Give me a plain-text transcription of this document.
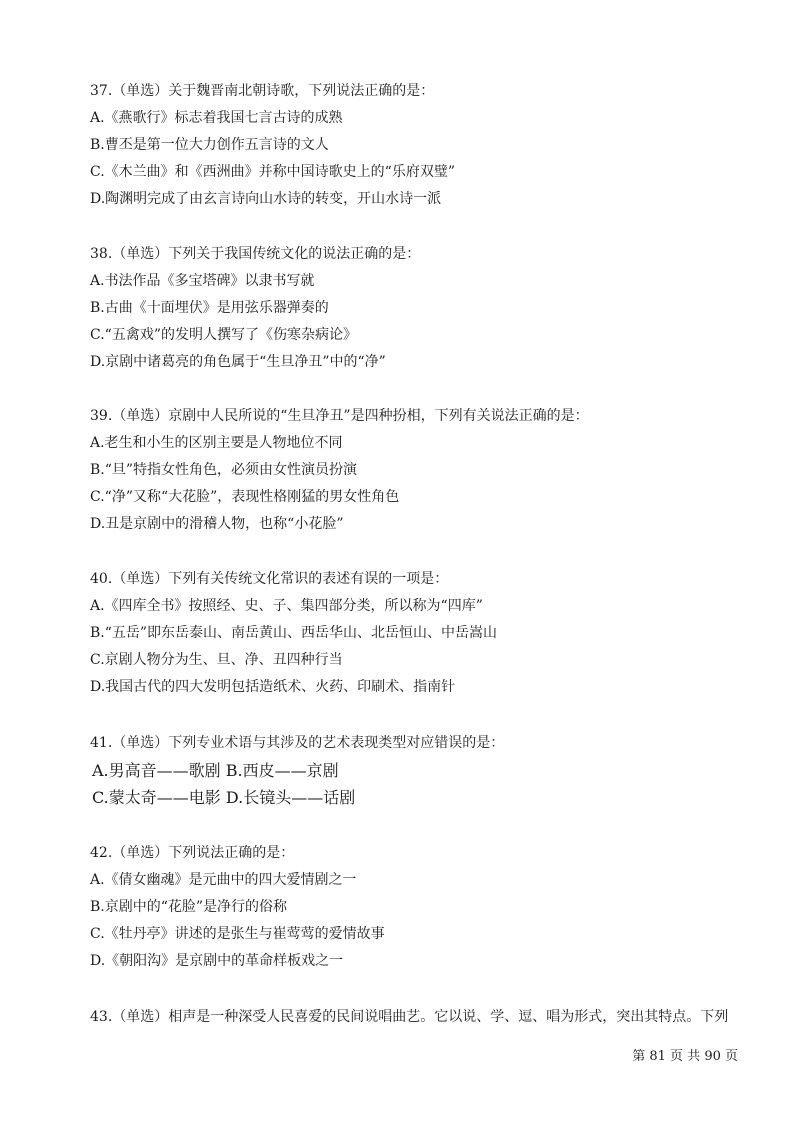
37.（单选）关于魏晋南北朝诗歌，下列说法正确的是：
A.《燕歌行》标志着我国七言古诗的成熟
B.曹丕是第一位大力创作五言诗的文人
C.《木兰曲》和《西洲曲》并称中国诗歌史上的“乐府双璧”
D.陶渊明完成了由玄言诗向山水诗的转变，开山水诗一派
38.（单选）下列关于我国传统文化的说法正确的是：
A.书法作品《多宝塔碑》以隶书写就
B.古曲《十面埋伏》是用弦乐器弹奏的
C.“五禽戏”的发明人撰写了《伤寒杂病论》
D.京剧中诸葛亮的角色属于“生旦净丑”中的“净”
39.（单选）京剧中人民所说的“生旦净丑”是四种扮相，下列有关说法正确的是：
A.老生和小生的区别主要是人物地位不同
B.“旦”特指女性角色，必须由女性演员扮演
C.“净”又称“大花脸”，表现性格刚猛的男女性角色
D.丑是京剧中的滑稽人物，也称“小花脸”
40.（单选）下列有关传统文化常识的表述有误的一项是：
A.《四库全书》按照经、史、子、集四部分类，所以称为“四库”
B.“五岳”即东岳泰山、南岳黄山、西岳华山、北岳恒山、中岳嵩山
C.京剧人物分为生、旦、净、丑四种行当
D.我国古代的四大发明包括造纸术、火药、印刷术、指南针
41.（单选）下列专业术语与其涉及的艺术表现类型对应错误的是：
A.男高音——歌剧 B.西皮——京剧
C.蒙太奇——电影 D.长镜头——话剧
42.（单选）下列说法正确的是：
A.《倩女幽魂》是元曲中的四大爱情剧之一
B.京剧中的“花脸”是净行的俗称
C.《牡丹亭》讲述的是张生与崔莺莺的爱情故事
D.《朝阳沟》是京剧中的革命样板戏之一
43.（单选）相声是一种深受人民喜爱的民间说唱曲艺。它以说、学、逗、唱为形式，突出其特点。下列
第 81 页 共 90 页
